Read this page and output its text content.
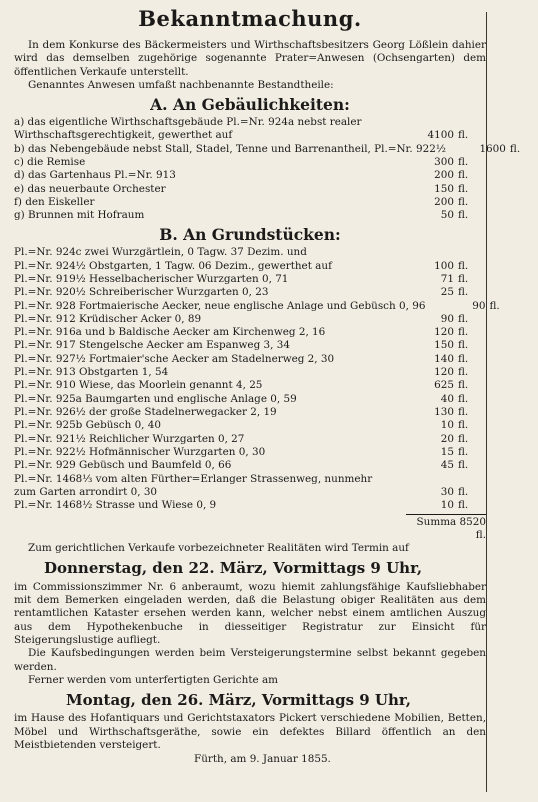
Bekanntmachung.

In dem Konkurse des Bäckermeisters und Wirthschaftsbesitzers Georg Lößlein dahier wird das demselben zugehörige sogenannte Prater=Anwesen (Ochsengarten) dem öffentlichen Verkaufe unterstellt.

Genanntes Anwesen umfaßt nachbenannte Bestandtheile:

A. An Gebäulichkeiten:
a) das eigentliche Wirthschaftsgebäude Pl.=Nr. 924a nebst realer Wirthschaftsgerechtigkeit, gewerthet auf	4100 fl.
b) das Nebengebäude nebst Stall, Stadel, Tenne und Barrenantheil, Pl.=Nr. 922½	1600 fl.
c) die Remise	300 fl.
d) das Gartenhaus Pl.=Nr. 913	200 fl.
e) das neuerbaute Orchester	150 fl.
f) den Eiskeller	200 fl.
g) Brunnen mit Hofraum	50 fl.
B. An Grundstücken:
Pl.=Nr. 924c zwei Wurzgärtlein, 0 Tagw. 37 Dezim. und
Pl.=Nr. 924½ Obstgarten, 1 Tagw. 06 Dezim., gewerthet auf	100 fl.
Pl.=Nr. 919½ Hesselbacherischer Wurzgarten 0, 71	71 fl.
Pl.=Nr. 920½ Schreiberischer Wurzgarten 0, 23	25 fl.
Pl.=Nr. 928 Fortmaierische Aecker, neue englische Anlage und Gebüsch 0, 96	90 fl.
Pl.=Nr. 912 Krüdischer Acker 0, 89	90 fl.
Pl.=Nr. 916a und b Baldische Aecker am Kirchenweg 2, 16	120 fl.
Pl.=Nr. 917 Stengelsche Aecker am Espanweg 3, 34	150 fl.
Pl.=Nr. 927½ Fortmaier'sche Aecker am Stadelnerweg 2, 30	140 fl.
Pl.=Nr. 913 Obstgarten 1, 54	120 fl.
Pl.=Nr. 910 Wiese, das Moorlein genannt 4, 25	625 fl.
Pl.=Nr. 925a Baumgarten und englische Anlage 0, 59	40 fl.
Pl.=Nr. 926½ der große Stadelnerwegacker 2, 19	130 fl.
Pl.=Nr. 925b Gebüsch 0, 40	10 fl.
Pl.=Nr. 921½ Reichlicher Wurzgarten 0, 27	20 fl.
Pl.=Nr. 922½ Hofmännischer Wurzgarten 0, 30	15 fl.
Pl.=Nr. 929 Gebüsch und Baumfeld 0, 66	45 fl.
Pl.=Nr. 1468⅓ vom alten Fürther=Erlanger Strassenweg, nunmehr zum Garten arrondirt 0, 30	30 fl.
Pl.=Nr. 1468½ Strasse und Wiese 0, 9	10 fl.
Summa 8520 fl.

Zum gerichtlichen Verkaufe vorbezeichneter Realitäten wird Termin auf

Donnerstag, den 22. März, Vormittags 9 Uhr,

im Commissionszimmer Nr. 6 anberaumt, wozu hiemit zahlungsfähige Kaufsliebhaber mit dem Bemerken eingeladen werden, daß die Belastung obiger Realitäten aus dem rentamtlichen Kataster ersehen werden kann, welcher nebst einem amtlichen Auszug aus dem Hypothekenbuche in diesseitiger Registratur zur Einsicht für Steigerungslustige aufliegt.

Die Kaufsbedingungen werden beim Versteigerungstermine selbst bekannt gegeben werden.

Ferner werden vom unterfertigten Gerichte am

Montag, den 26. März, Vormittags 9 Uhr,

im Hause des Hofantiquars und Gerichtstaxators Pickert verschiedene Mobilien, Betten, Möbel und Wirthschaftsgeräthe, sowie ein defektes Billard öffentlich an den Meistbietenden versteigert.

Fürth, am 9. Januar 1855.
